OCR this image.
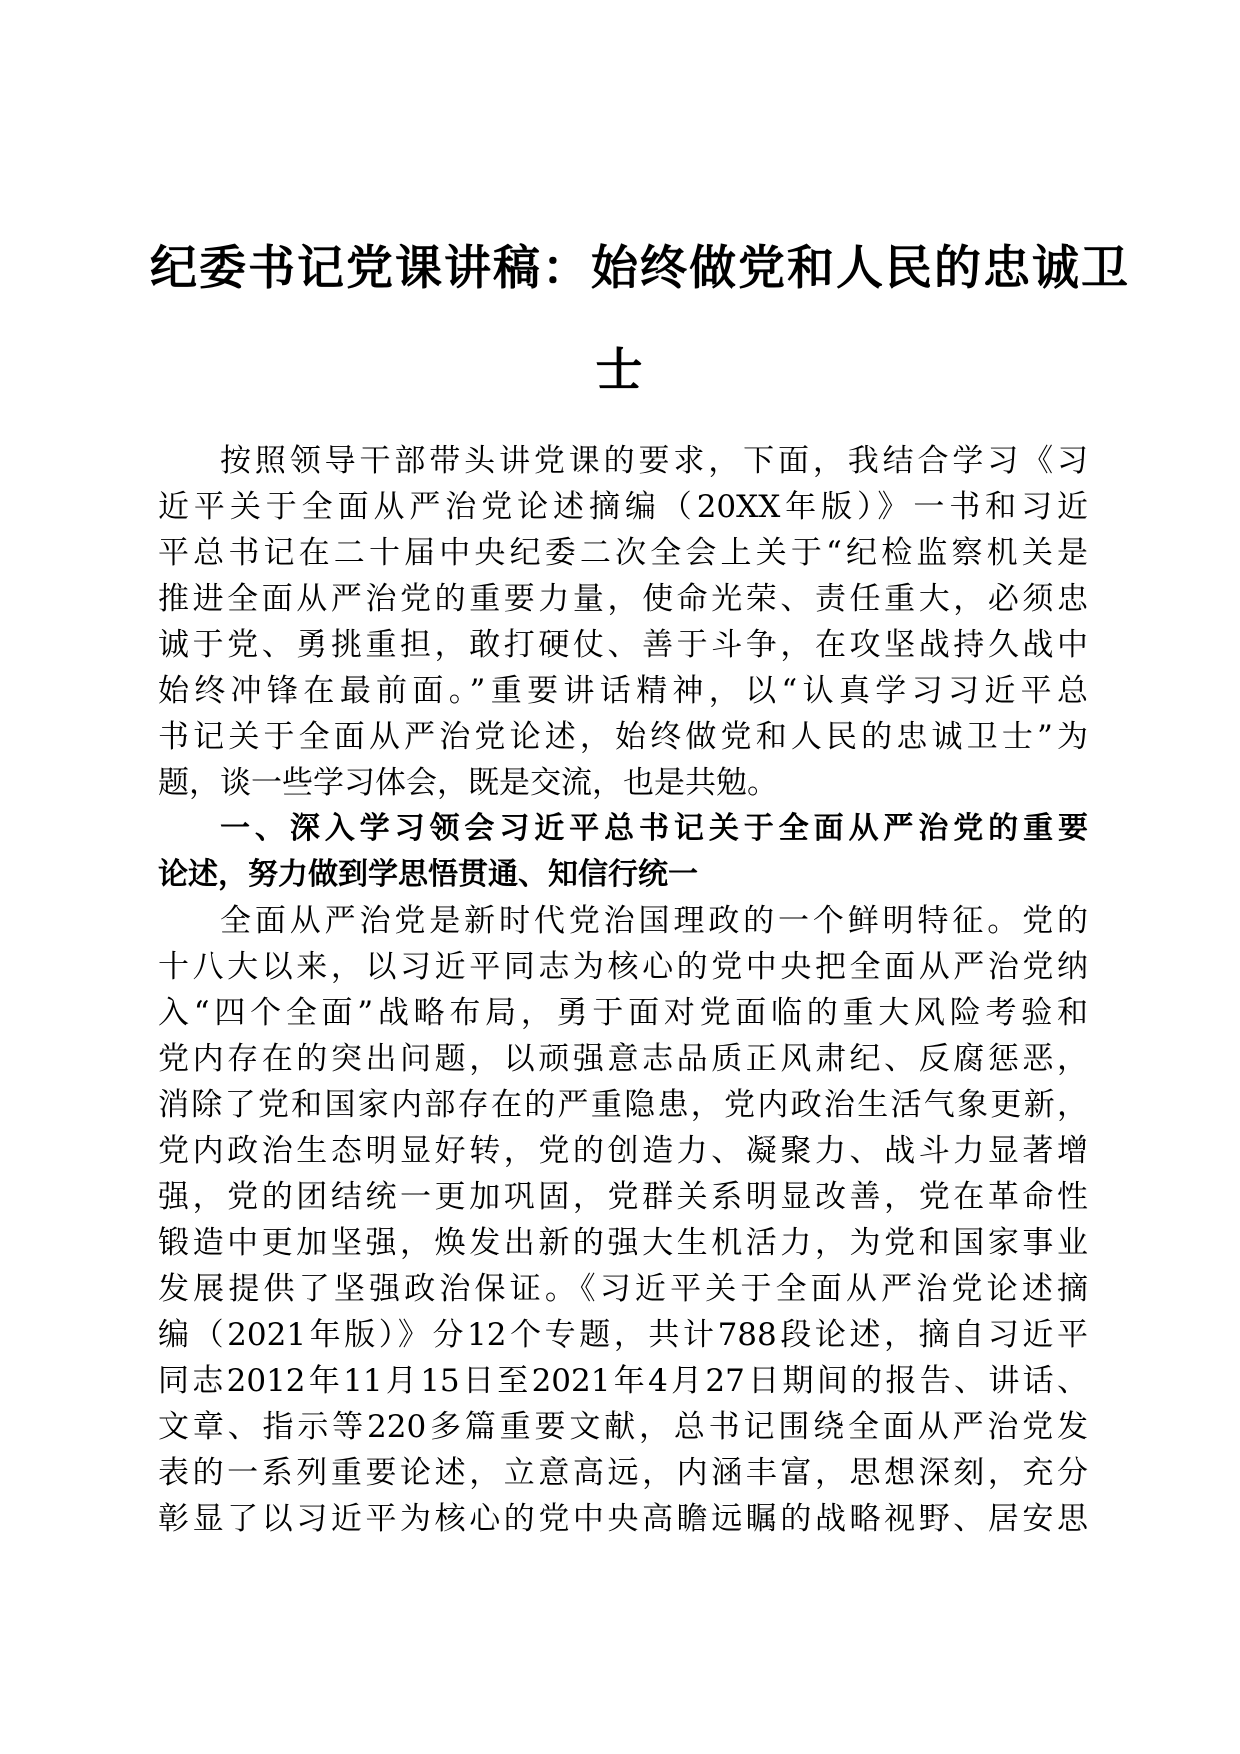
纪委书记党课讲稿：始终做党和人民的忠诚卫
士
按照领导干部带头讲党课的要求，下面，我结合学习《习
近平关于全面从严治党论述摘编（20XX年版）》一书和习近
平总书记在二十届中央纪委二次全会上关于“纪检监察机关是
推进全面从严治党的重要力量，使命光荣、责任重大，必须忠
诚于党、勇挑重担，敢打硬仗、善于斗争，在攻坚战持久战中
始终冲锋在最前面。”重要讲话精神，以“认真学习习近平总
书记关于全面从严治党论述，始终做党和人民的忠诚卫士”为
题，谈一些学习体会，既是交流，也是共勉。
一、深入学习领会习近平总书记关于全面从严治党的重要
论述，努力做到学思悟贯通、知信行统一
全面从严治党是新时代党治国理政的一个鲜明特征。党的
十八大以来，以习近平同志为核心的党中央把全面从严治党纳
入“四个全面”战略布局，勇于面对党面临的重大风险考验和
党内存在的突出问题，以顽强意志品质正风肃纪、反腐惩恶，
消除了党和国家内部存在的严重隐患，党内政治生活气象更新，
党内政治生态明显好转，党的创造力、凝聚力、战斗力显著增
强，党的团结统一更加巩固，党群关系明显改善，党在革命性
锻造中更加坚强，焕发出新的强大生机活力，为党和国家事业
发展提供了坚强政治保证。《习近平关于全面从严治党论述摘
编（2021年版）》分12个专题，共计788段论述，摘自习近平
同志2012年11月15日至2021年4月27日期间的报告、讲话、
文章、指示等220多篇重要文献，总书记围绕全面从严治党发
表的一系列重要论述，立意高远，内涵丰富，思想深刻，充分
彰显了以习近平为核心的党中央高瞻远瞩的战略视野、居安思
